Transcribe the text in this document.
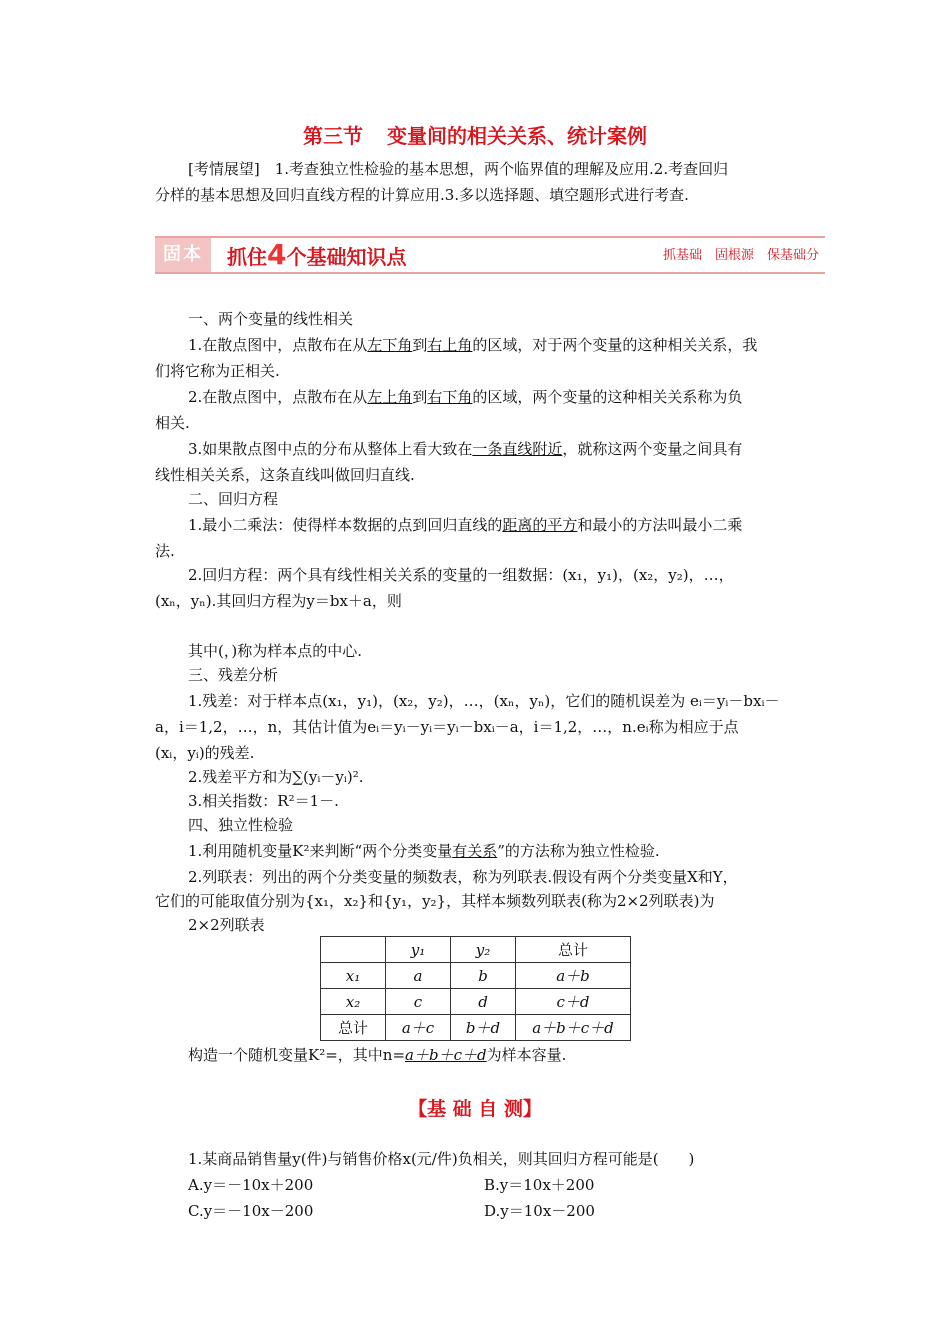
第三节 变量间的相关关系、统计案例
[考情展望]　1.考查独立性检验的基本思想，两个临界值的理解及应用.2.考查回归
分样的基本思想及回归直线方程的计算应用.3.多以选择题、填空题形式进行考查.
固本	抓住4个基础知识点	抓基础　固根源　保基础分
一、两个变量的线性相关
1.在散点图中，点散布在从左下角到右上角的区域，对于两个变量的这种相关关系，我
们将它称为正相关.
2.在散点图中，点散布在从左上角到右下角的区域，两个变量的这种相关关系称为负
相关.
3.如果散点图中点的分布从整体上看大致在一条直线附近，就称这两个变量之间具有
线性相关关系，这条直线叫做回归直线.
二、回归方程
1.最小二乘法：使得样本数据的点到回归直线的距离的平方和最小的方法叫最小二乘
法.
2.回归方程：两个具有线性相关关系的变量的一组数据：(x₁，y₁)，(x₂，y₂)，…，
(xₙ，yₙ).其回归方程为y＝bx＋a，则
其中(，)称为样本点的中心.
三、残差分析
1.残差：对于样本点(x₁，y₁)，(x₂，y₂)，…，(xₙ，yₙ)，它们的随机误差为 eᵢ＝yᵢ－bxᵢ－
a，i＝1,2，…，n，其估计值为eᵢ＝yᵢ－yᵢ＝yᵢ－bxᵢ－a，i＝1,2，…，n.eᵢ称为相应于点
(xᵢ，yᵢ)的残差.
2.残差平方和为∑(yᵢ－yᵢ)².
3.相关指数：R²＝1－.
四、独立性检验
1.利用随机变量K²来判断“两个分类变量有关系”的方法称为独立性检验.
2.列联表：列出的两个分类变量的频数表，称为列联表.假设有两个分类变量X和Y，
它们的可能取值分别为{x₁，x₂}和{y₁，y₂}，其样本频数列联表(称为2×2列联表)为
2×2列联表
	y₁	y₂	总计
x₁	a	b	a＋b
x₂	c	d	c＋d
总计	a＋c	b＋d	a＋b＋c＋d
构造一个随机变量K²=，其中n=a＋b＋c＋d为样本容量.
【基 础 自 测】
1.某商品销售量y(件)与销售价格x(元/件)负相关，则其回归方程可能是(　　)
A.y＝－10x＋200	B.y＝10x＋200
C.y＝－10x－200	D.y＝10x－200
